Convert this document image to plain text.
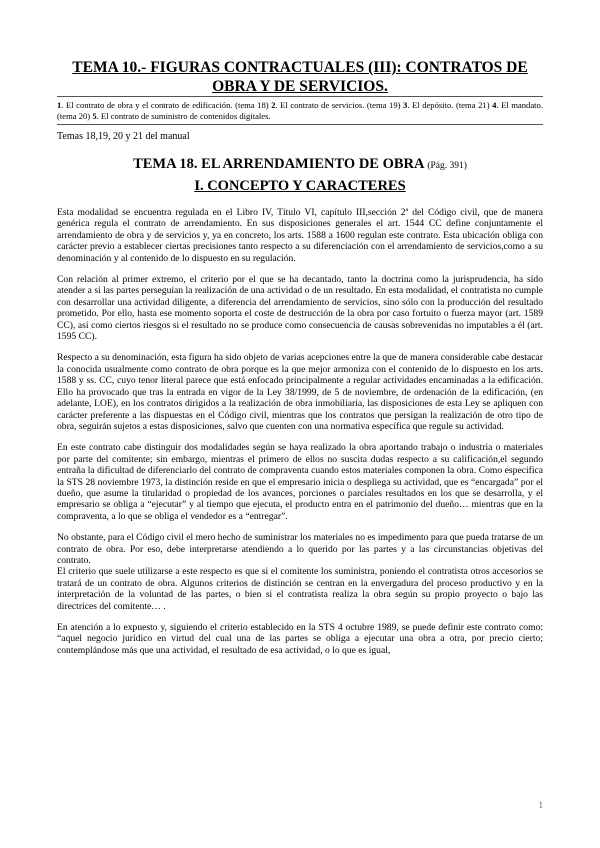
TEMA 10.- FIGURAS CONTRACTUALES (III): CONTRATOS DE OBRA Y DE SERVICIOS.
1. El contrato de obra y el contrato de edificación. (tema 18) 2. El contrato de servicios. (tema 19) 3. El depósito. (tema 21) 4. El mandato. (tema 20) 5. El contrato de suministro de contenidos digitales.
Temas 18,19, 20 y 21 del manual
TEMA 18. EL ARRENDAMIENTO DE OBRA (Pág. 391)
I. CONCEPTO Y CARACTERES

Esta modalidad se encuentra regulada en el Libro IV, Título VI, capítulo III,sección 2ª del Código civil, que de manera genérica regula el contrato de arrendamiento. En sus disposiciones generales el art. 1544 CC define conjuntamente el arrendamiento de obra y de servicios y, ya en concreto, los arts. 1588 a 1600 regulan este contrato. Esta ubicación obliga con carácter previo a establecer ciertas precisiones tanto respecto a su diferenciación con el arrendamiento de servicios,como a su denominación y al contenido de lo dispuesto en su regulación.

Con relación al primer extremo, el criterio por el que se ha decantado, tanto la doctrina como la jurisprudencia, ha sido atender a si las partes perseguían la realización de una actividad o de un resultado. En esta modalidad, el contratista no cumple con desarrollar una actividad diligente, a diferencia del arrendamiento de servicios, sino sólo con la producción del resultado prometido. Por ello, hasta ese momento soporta el coste de destrucción de la obra por caso fortuito o fuerza mayor (art. 1589 CC), así como ciertos riesgos si el resultado no se produce como consecuencia de causas sobrevenidas no imputables a él (art. 1595 CC).

Respecto a su denominación, esta figura ha sido objeto de varias acepciones entre la que de manera considerable cabe destacar la conocida usualmente como contrato de obra porque es la que mejor armoniza con el contenido de lo dispuesto en los arts. 1588 y ss. CC, cuyo tenor literal parece que está enfocado principalmente a regular actividades encaminadas a la edificación. Ello ha provocado que tras la entrada en vigor de la Ley 38/1999, de 5 de noviembre, de ordenación de la edificación, (en adelante, LOE), en los contratos dirigidos a la realización de obra inmobiliaria, las disposiciones de esta Ley se apliquen con carácter preferente a las dispuestas en el Código civil, mientras que los contratos que persigan la realización de otro tipo de obra, seguirán sujetos a estas disposiciones, salvo que cuenten con una normativa específica que regule su actividad.

En este contrato cabe distinguir dos modalidades según se haya realizado la obra aportando trabajo o industria o materiales por parte del comitente; sin embargo, mientras el primero de ellos no suscita dudas respecto a su calificación,el segundo entraña la dificultad de diferenciarlo del contrato de compraventa cuando estos materiales componen la obra. Como especifica la STS 28 noviembre 1973, la distinción reside en que el empresario inicia o despliega su actividad, que es “encargada” por el dueño, que asume la titularidad o propiedad de los avances, porciones o parciales resultados en los que se desarrolla, y el empresario se obliga a “ejecutar” y al tiempo que ejecuta, el producto entra en el patrimonio del dueño… mientras que en la compraventa, a lo que se obliga el vendedor es a “entregar”.

No obstante, para el Código civil el mero hecho de suministrar los materiales no es impedimento para que pueda tratarse de un contrato de obra. Por eso, debe interpretarse atendiendo a lo querido por las partes y a las circunstancias objetivas del contrato.

El criterio que suele utilizarse a este respecto es que si el comitente los suministra, poniendo el contratista otros accesorios se tratará de un contrato de obra. Algunos criterios de distinción se centran en la envergadura del proceso productivo y en la interpretación de la voluntad de las partes, o bien si el contratista realiza la obra según su propio proyecto o bajo las directrices del comitente… .

En atención a lo expuesto y, siguiendo el criterio establecido en la STS 4 octubre 1989, se puede definir este contrato como: “aquel negocio jurídico en virtud del cual una de las partes se obliga a ejecutar una obra a otra, por precio cierto; contemplándose más que una actividad, el resultado de esa actividad, o lo que es igual,

1
